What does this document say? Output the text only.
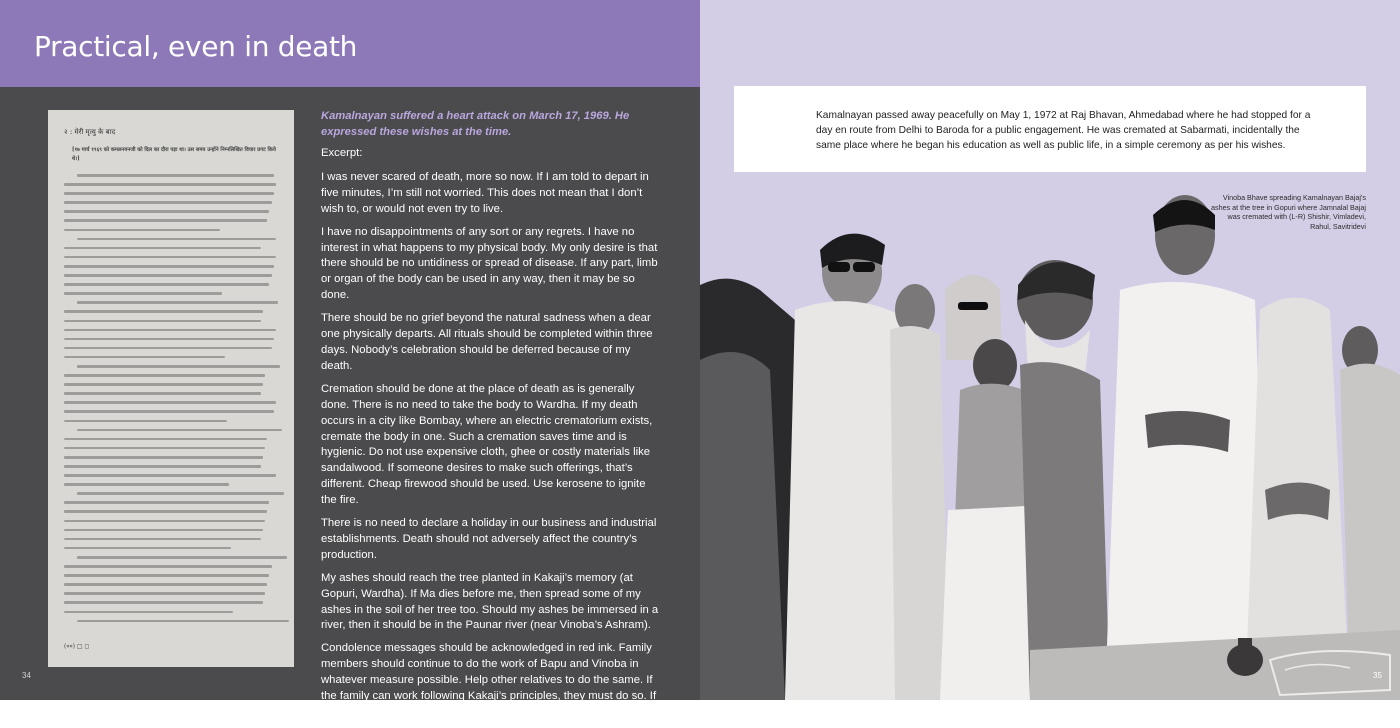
Practical, even in death
२ : मेरी मृत्यु के बाद
[१७ मार्च १९६९ को कमलनयनजी को दिल का दौरा पड़ा था। उस समय उन्होंने निम्नलिखित विचार प्रगट किये थे।]
(००) □ ◻

Kamalnayan suffered a heart attack on March 17, 1969. He expressed these wishes at the time.

Excerpt:

I was never scared of death, more so now. If I am told to depart in five minutes, I’m still not worried. This does not mean that I don’t wish to, or would not even try to live.

I have no disappointments of any sort or any regrets. I have no interest in what happens to my physical body. My only desire is that there should be no untidiness or spread of disease. If any part, limb or organ of the body can be used in any way, then it may be so done.

There should be no grief beyond the natural sadness when a dear one physically departs. All rituals should be completed within three days. Nobody’s celebration should be deferred because of my death.

Cremation should be done at the place of death as is generally done. There is no need to take the body to Wardha. If my death occurs in a city like Bombay, where an electric crematorium exists, cremate the body in one. Such a cremation saves time and is hygienic. Do not use expensive cloth, ghee or costly materials like sandalwood. If someone desires to make such offerings, that’s different. Cheap firewood should be used. Use kerosene to ignite the fire.

There is no need to declare a holiday in our business and industrial establishments. Death should not adversely affect the country’s production.

My ashes should reach the tree planted in Kakaji’s memory (at Gopuri, Wardha). If Ma dies before me, then spread some of my ashes in the soil of her tree too. Should my ashes be immersed in a river, then it should be in the Paunar river (near Vinoba’s Ashram).

Condolence messages should be acknowledged in red ink. Family members should continue to do the work of Bapu and Vinoba in whatever measure possible. Help other relatives to do the same. If the family can work following Kakaji’s principles, they must do so. If others do it, the family could help by providing for their sustenance.

34

Kamalnayan passed away peacefully on May 1, 1972 at Raj Bhavan, Ahmedabad where he had stopped for a day en route from Delhi to Baroda for a public engagement. He was cremated at Sabarmati, incidentally the same place where he began his education as well as public life, in a simple ceremony as per his wishes.

Vinoba Bhave spreading Kamalnayan Bajaj’s ashes at the tree in Gopuri where Jamnalal Bajaj was cremated with (L-R) Shishir, Vimladevi, Rahul, Savitridevi

35
